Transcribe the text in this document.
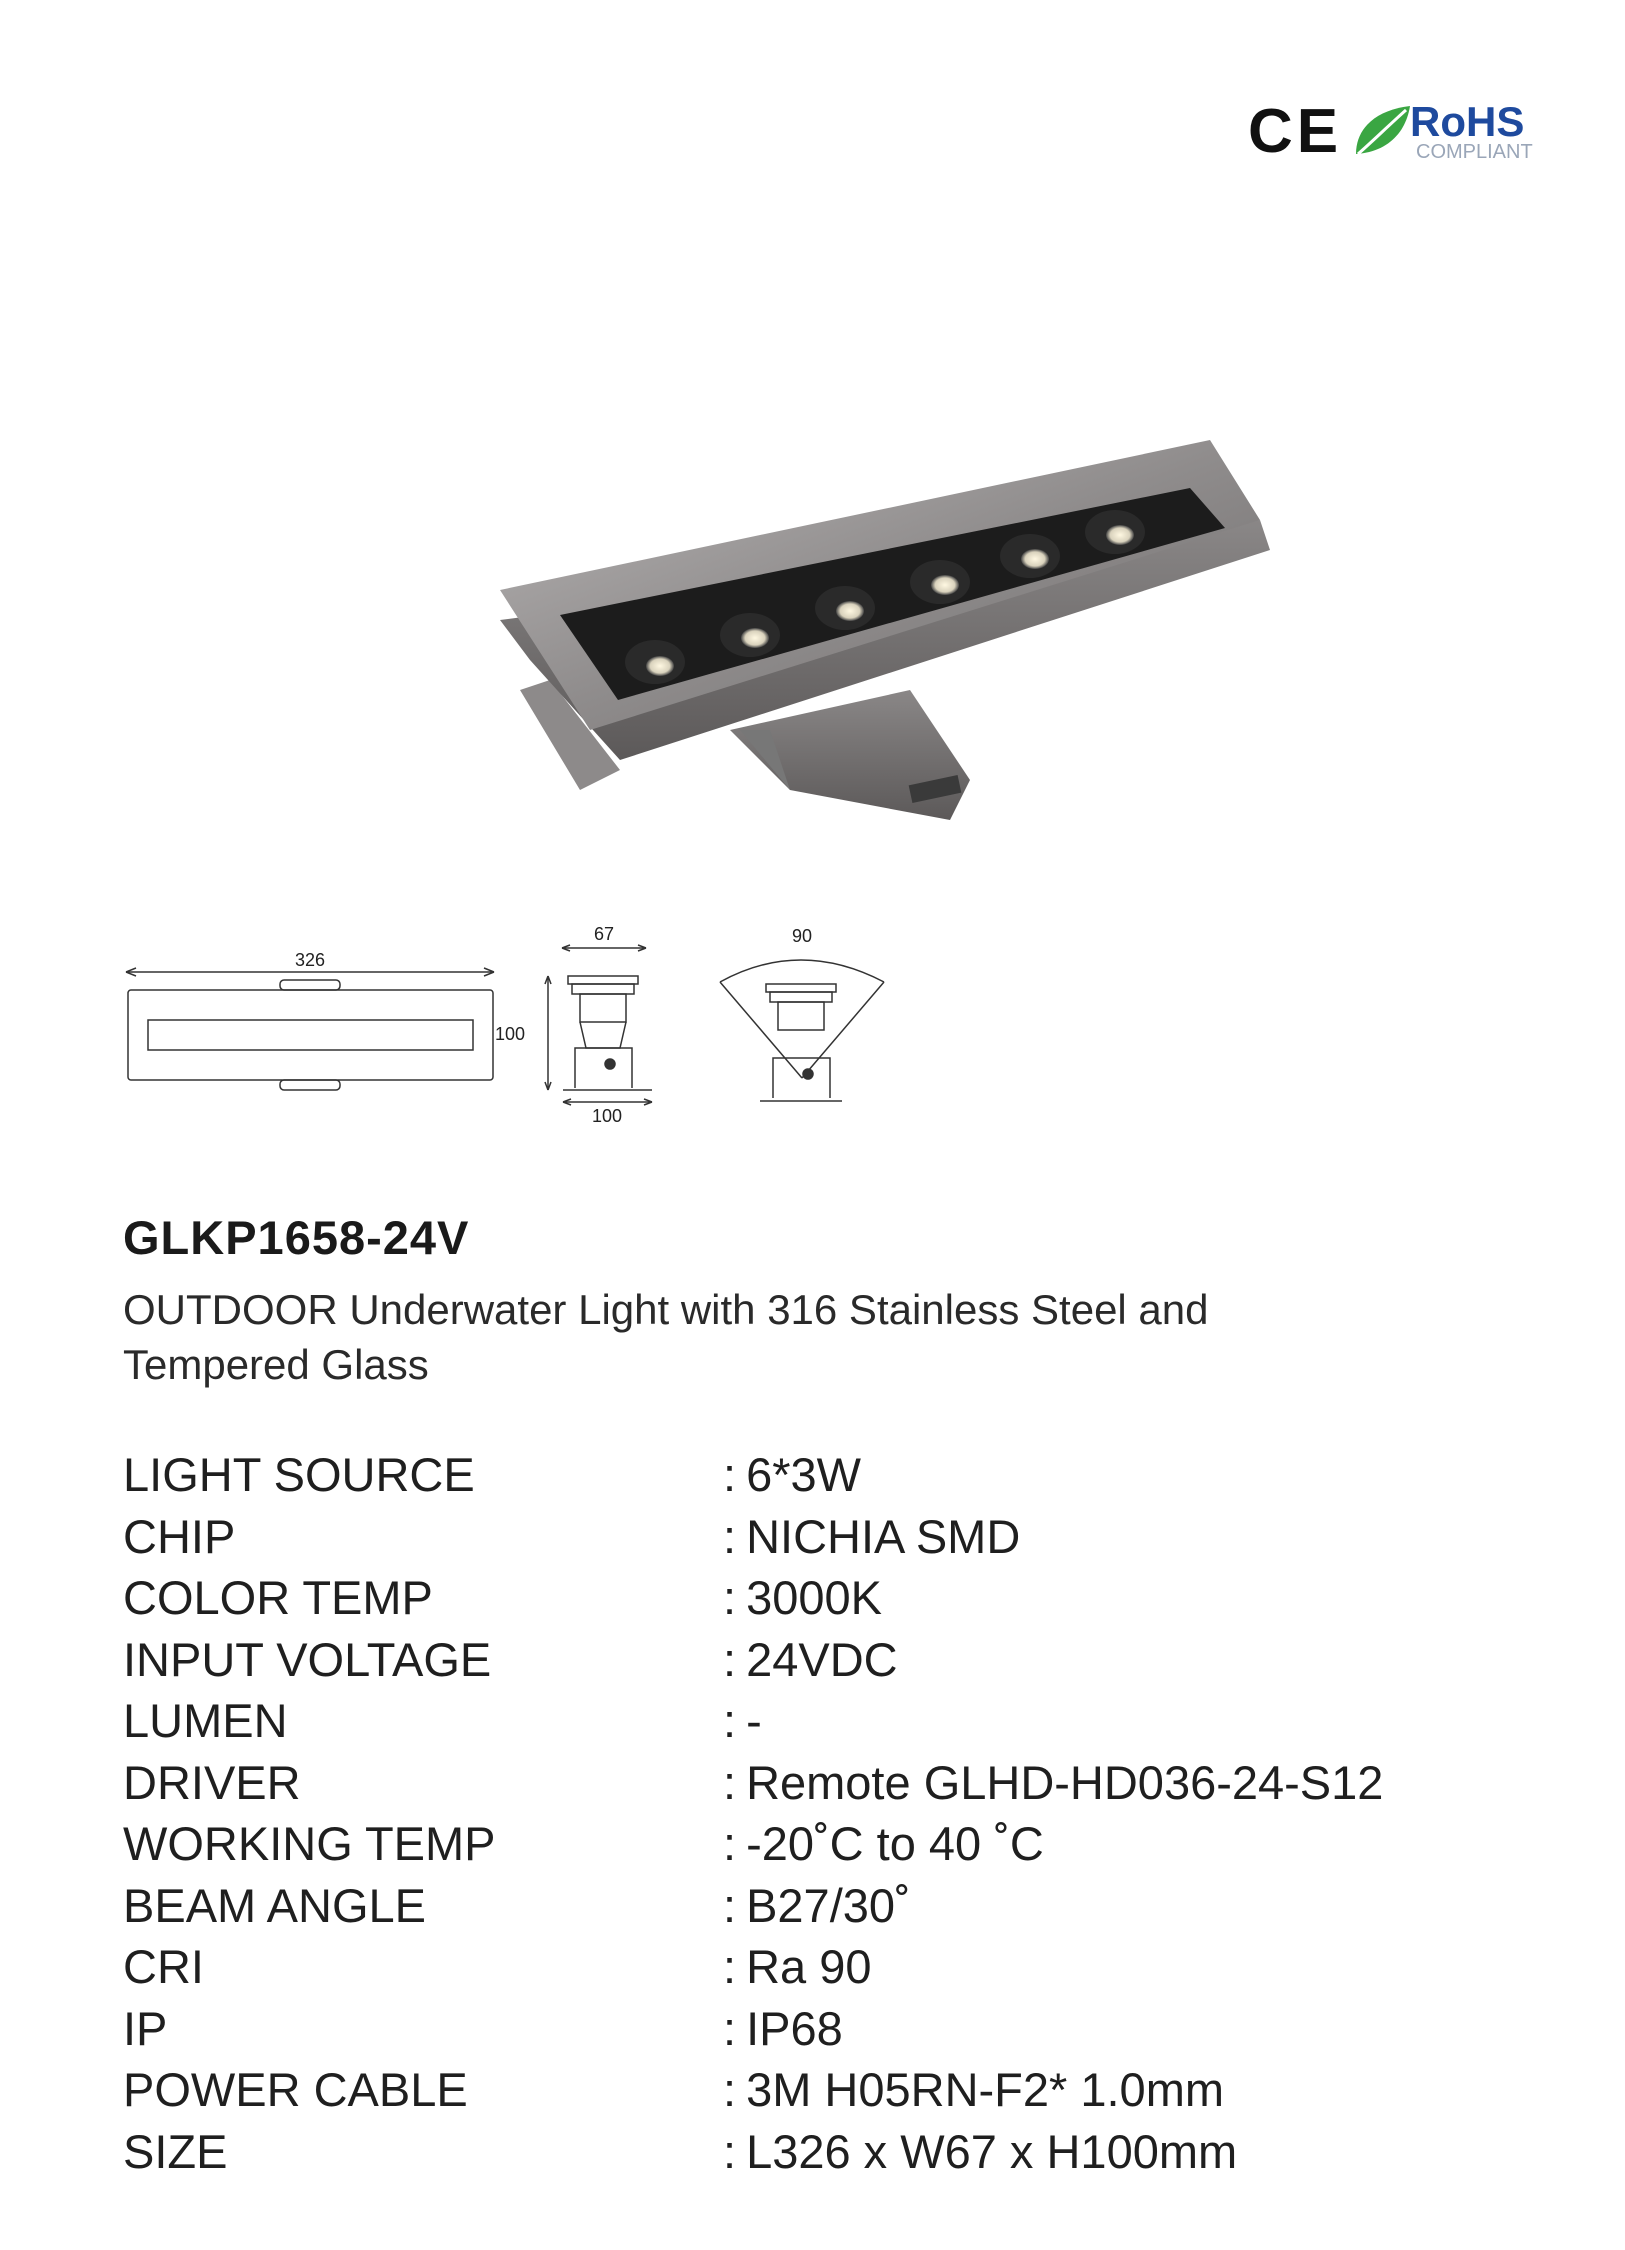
CE RoHS
COMPLIANT
326
67
100
100
90
GLKP1658-24V
OUTDOOR Underwater Light with 316 Stainless Steel and Tempered Glass
LIGHT SOURCE	: 6*3W
CHIP	: NICHIA SMD
COLOR TEMP	: 3000K
INPUT VOLTAGE	: 24VDC
LUMEN	: -
DRIVER	: Remote GLHD-HD036-24-S12
WORKING TEMP	: -20˚C to 40 ˚C
BEAM ANGLE	: B27/30˚
CRI	: Ra 90
IP	: IP68
POWER CABLE	: 3M H05RN-F2* 1.0mm
SIZE	: L326 x W67 x H100mm
